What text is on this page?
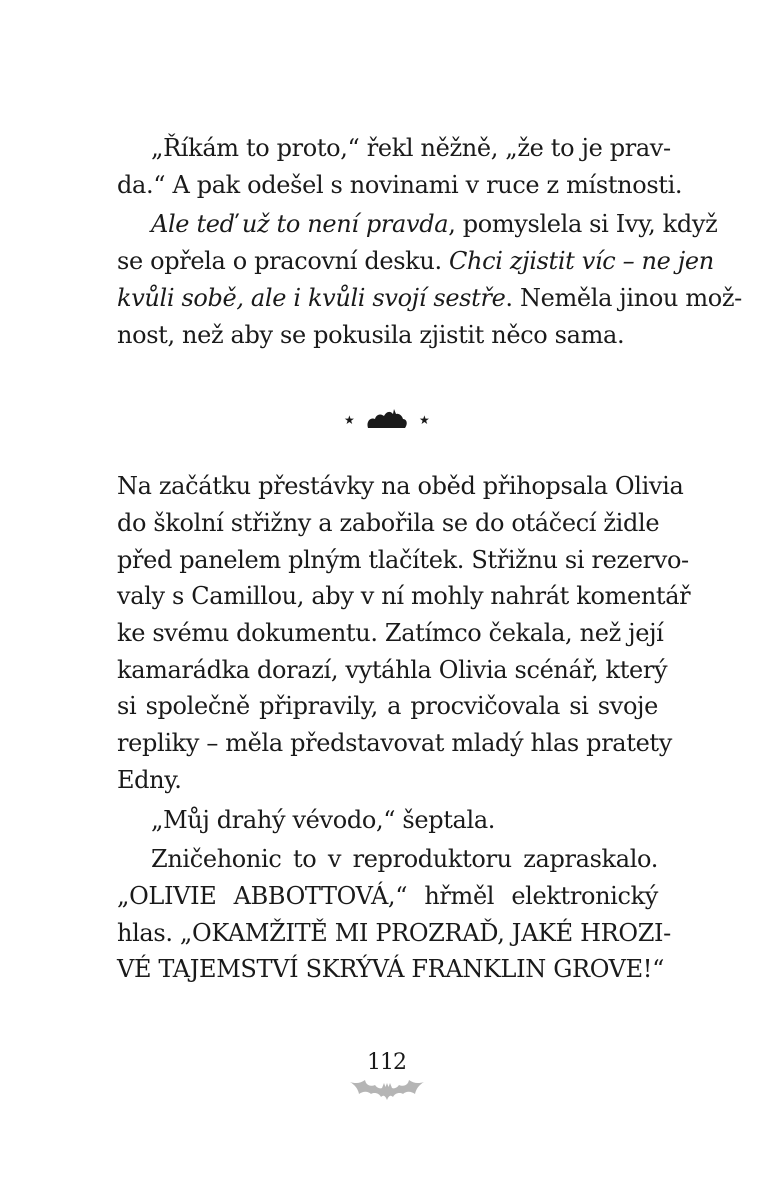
„Říkám to proto,“ řekl něžně, „že to je prav-
da.“ A pak odešel s novinami v ruce z místnosti.
Ale teď už to není pravda, pomyslela si Ivy, když
se opřela o pracovní desku. Chci zjistit víc – ne jen
kvůli sobě, ale i kvůli svojí sestře. Neměla jinou mož-
nost, než aby se pokusila zjistit něco sama.
Na začátku přestávky na oběd přihopsala Olivia
do školní střižny a zabořila se do otáčecí židle
před panelem plným tlačítek. Střižnu si rezervo-
valy s Camillou, aby v ní mohly nahrát komentář
ke svému dokumentu. Zatímco čekala, než její
kamarádka dorazí, vytáhla Olivia scénář, který
si společně připravily, a procvičovala si svoje
repliky – měla představovat mladý hlas pratety
Edny.
„Můj drahý vévodo,“ šeptala.
Zničehonic to v reproduktoru zapraskalo.
„OLIVIE ABBOTTOVÁ,“ hřměl elektronický
hlas. „OKAMŽITĚ MI PROZRAĎ, JAKÉ HROZI-
VÉ TAJEMSTVÍ SKRÝVÁ FRANKLIN GROVE!“
★	★
112
